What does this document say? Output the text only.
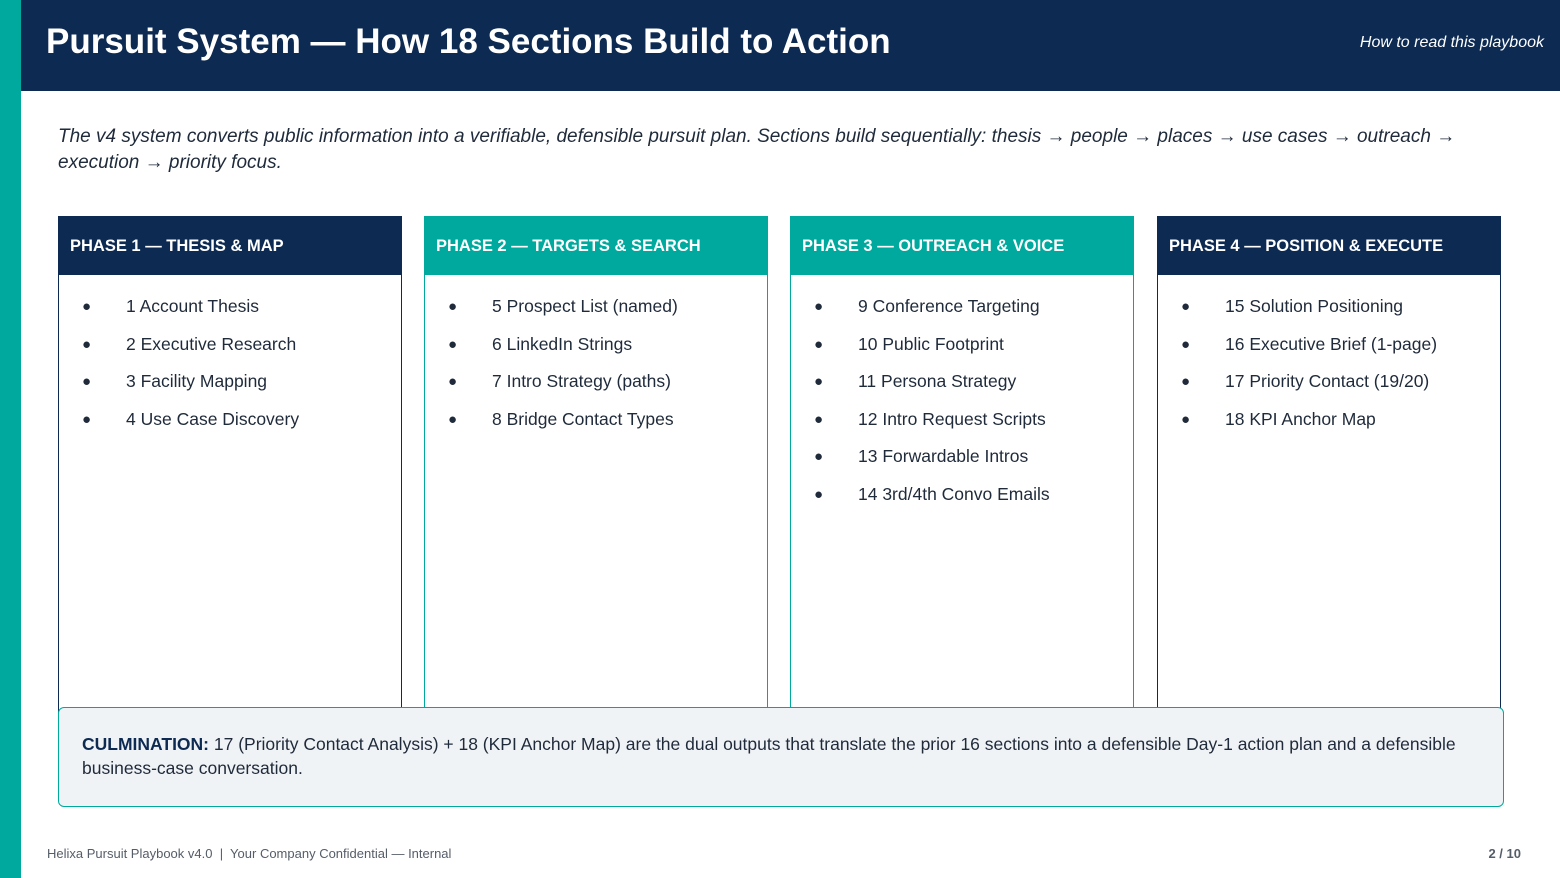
Pursuit System — How 18 Sections Build to Action	How to read this playbook

The v4 system converts public information into a verifiable, defensible pursuit plan. Sections build sequentially: thesis → people → places → use cases → outreach → execution → priority focus.

PHASE 1 — THESIS & MAP
●	1 Account Thesis
●	2 Executive Research
●	3 Facility Mapping
●	4 Use Case Discovery
PHASE 2 — TARGETS & SEARCH
●	5 Prospect List (named)
●	6 LinkedIn Strings
●	7 Intro Strategy (paths)
●	8 Bridge Contact Types
PHASE 3 — OUTREACH & VOICE
●	9 Conference Targeting
●	10 Public Footprint
●	11 Persona Strategy
●	12 Intro Request Scripts
●	13 Forwardable Intros
●	14 3rd/4th Convo Emails
PHASE 4 — POSITION & EXECUTE
●	15 Solution Positioning
●	16 Executive Brief (1-page)
●	17 Priority Contact (19/20)
●	18 KPI Anchor Map
CULMINATION: 17 (Priority Contact Analysis) + 18 (KPI Anchor Map) are the dual outputs that translate the prior 16 sections into a defensible Day-1 action plan and a defensible business-case conversation.
Helixa Pursuit Playbook v4.0  |  Your Company Confidential — Internal	2 / 10
